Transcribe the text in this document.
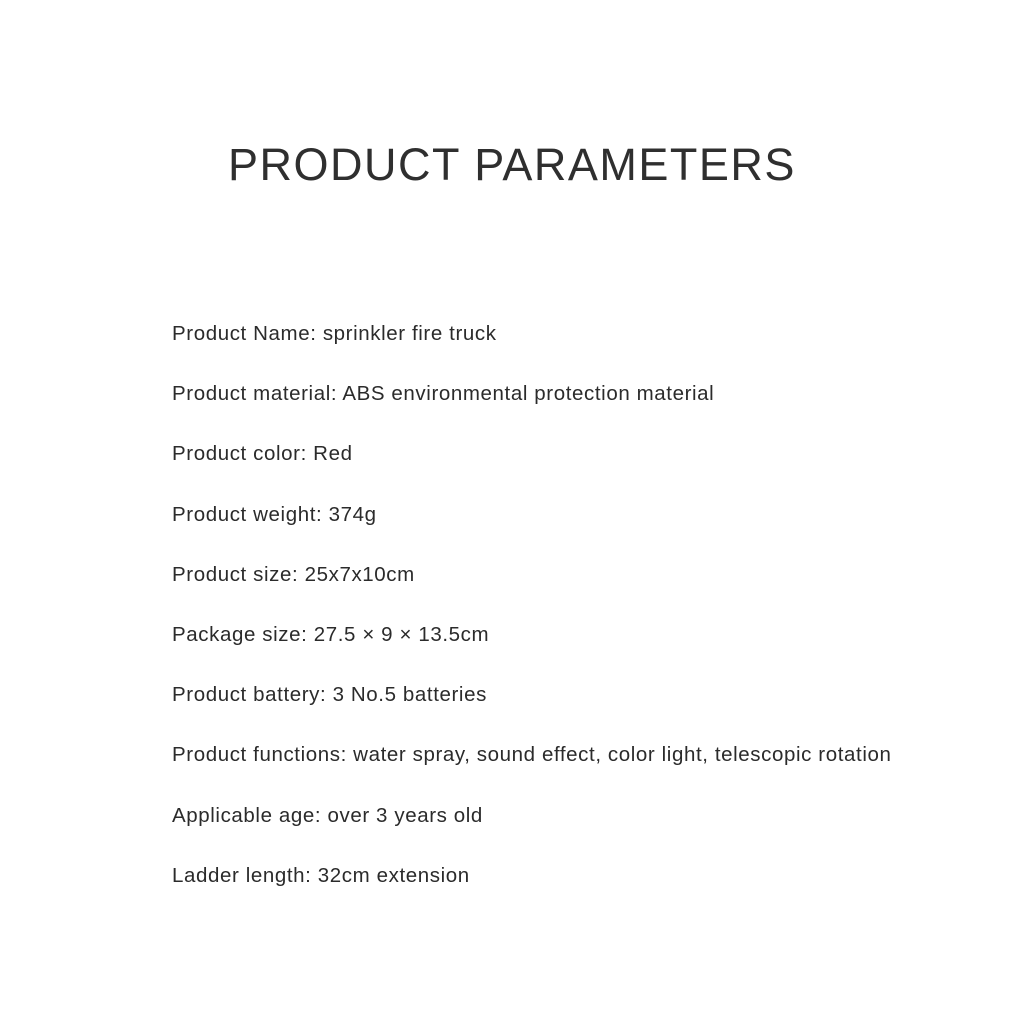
PRODUCT PARAMETERS
Product Name: sprinkler fire truck
Product material: ABS environmental protection material
Product color: Red
Product weight: 374g
Product size: 25x7x10cm
Package size: 27.5 × 9 × 13.5cm
Product battery: 3 No.5 batteries
Product functions: water spray, sound effect, color light, telescopic rotation
Applicable age: over 3 years old
Ladder length: 32cm extension
